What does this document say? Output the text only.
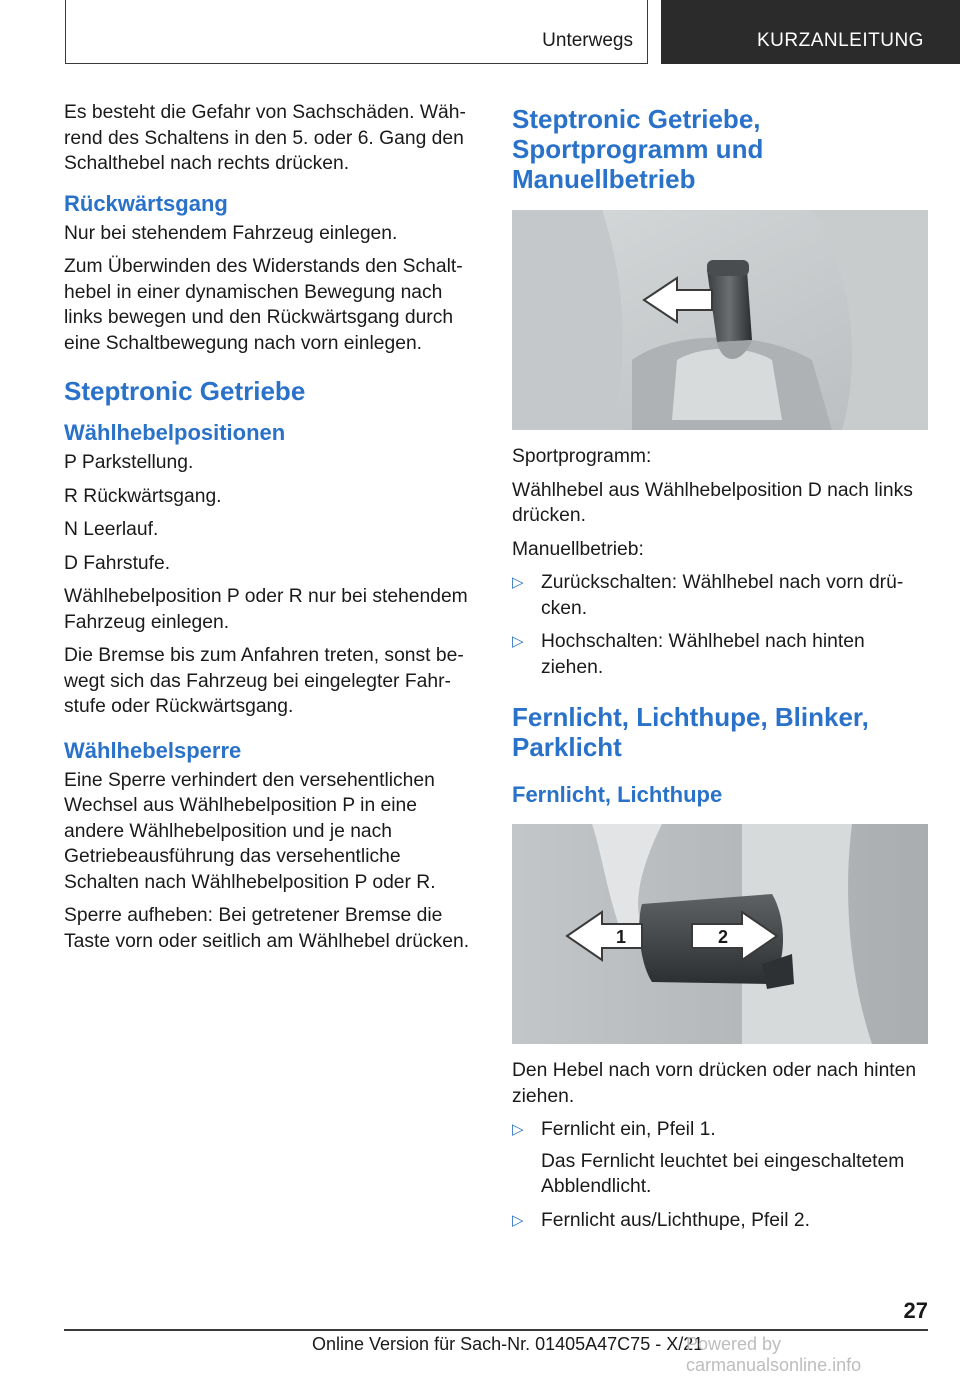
Unterwegs	KURZANLEITUNG

Es besteht die Gefahr von Sachschäden. Während des Schaltens in den 5. oder 6. Gang den Schalthebel nach rechts drücken.

Rückwärtsgang

Nur bei stehendem Fahrzeug einlegen.

Zum Überwinden des Widerstands den Schalthebel in einer dynamischen Bewegung nach links bewegen und den Rückwärtsgang durch eine Schaltbewegung nach vorn einlegen.

Steptronic Getriebe
Wählhebelpositionen

P Parkstellung.

R Rückwärtsgang.

N Leerlauf.

D Fahrstufe.

Wählhebelposition P oder R nur bei stehendem Fahrzeug einlegen.

Die Bremse bis zum Anfahren treten, sonst bewegt sich das Fahrzeug bei eingelegter Fahrstufe oder Rückwärtsgang.

Wählhebelsperre

Eine Sperre verhindert den versehentlichen Wechsel aus Wählhebelposition P in eine andere Wählhebelposition und je nach Getriebeausführung das versehentliche Schalten nach Wählhebelposition P oder R.

Sperre aufheben: Bei getretener Bremse die Taste vorn oder seitlich am Wählhebel drücken.

Steptronic Getriebe, Sportprogramm und Manuellbetrieb

Sportprogramm:

Wählhebel aus Wählhebelposition D nach links drücken.

Manuellbetrieb:

▷ Zurückschalten: Wählhebel nach vorn drücken.
▷ Hochschalten: Wählhebel nach hinten ziehen.
Fernlicht, Lichthupe, Blinker, Parklicht
Fernlicht, Lichthupe
1	2

Den Hebel nach vorn drücken oder nach hinten ziehen.

▷ Fernlicht ein, Pfeil 1.
Das Fernlicht leuchtet bei eingeschaltetem Abblendlicht.
▷ Fernlicht aus/Lichthupe, Pfeil 2.
27
Online Version für Sach-Nr. 01405A47C75 - X/21
Powered by carmanualsonline.info
